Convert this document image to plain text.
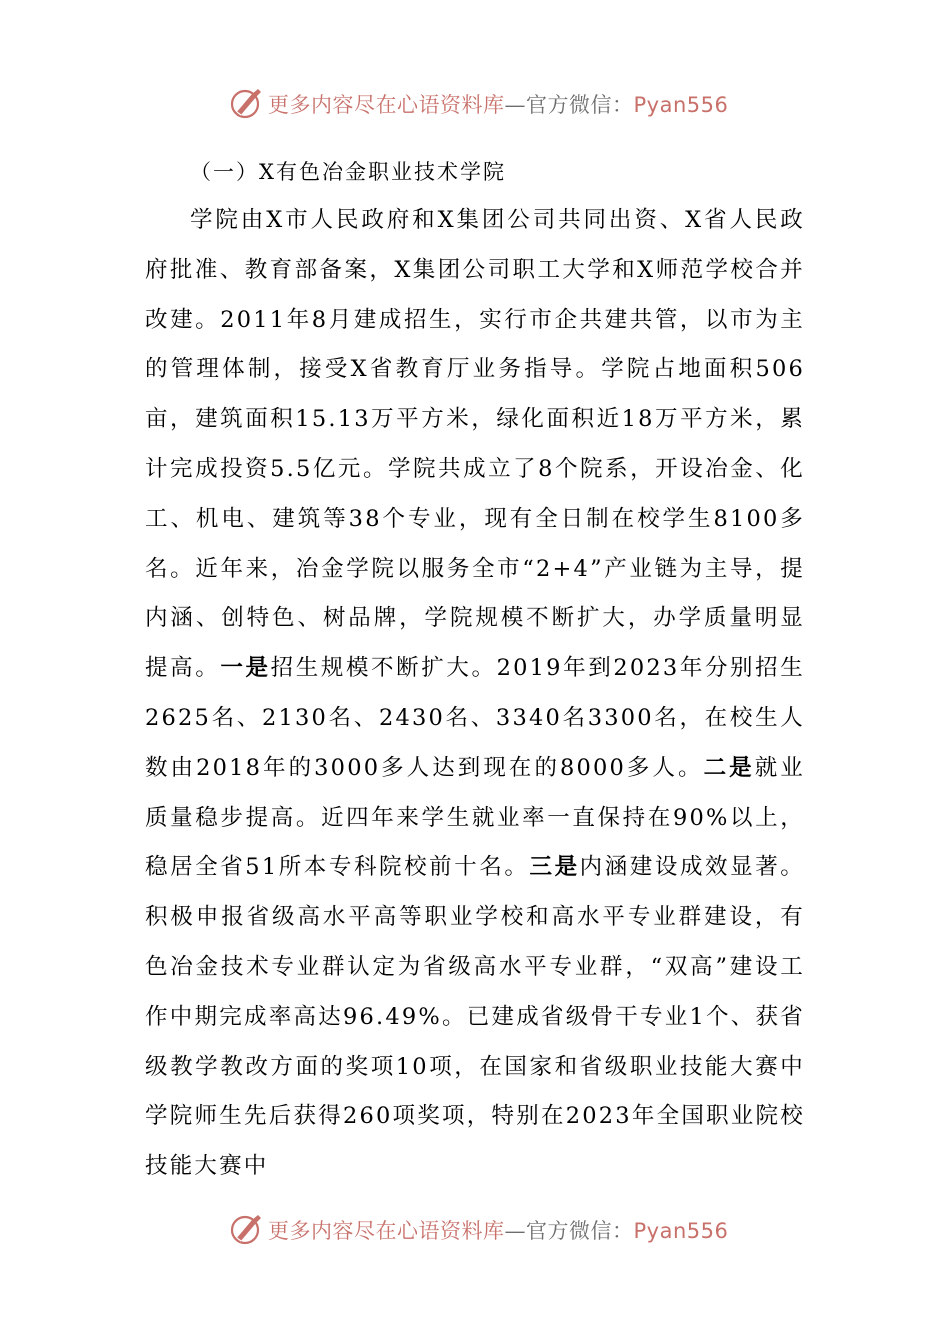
更多内容尽在心语资料库—官方微信：Pyan556
（一）X有色冶金职业技术学院

学院由X市人民政府和X集团公司共同出资、X省人民政府批准、教育部备案，X集团公司职工大学和X师范学校合并改建。2011年8月建成招生，实行市企共建共管，以市为主的管理体制，接受X省教育厅业务指导。学院占地面积506亩，建筑面积15.13万平方米，绿化面积近18万平方米，累计完成投资5.5亿元。学院共成立了8个院系，开设冶金、化工、机电、建筑等38个专业，现有全日制在校学生8100多名。近年来，冶金学院以服务全市“2+4”产业链为主导，提内涵、创特色、树品牌，学院规模不断扩大，办学质量明显提高。一是招生规模不断扩大。2019年到2023年分别招生2625名、2130名、2430名、3340名3300名，在校生人数由2018年的3000多人达到现在的8000多人。二是就业质量稳步提高。近四年来学生就业率一直保持在90%以上，稳居全省51所本专科院校前十名。三是内涵建设成效显著。积极申报省级高水平高等职业学校和高水平专业群建设，有色冶金技术专业群认定为省级高水平专业群，“双高”建设工作中期完成率高达96.49%。已建成省级骨干专业1个、获省级教学教改方面的奖项10项，在国家和省级职业技能大赛中学院师生先后获得260项奖项，特别在2023年全国职业院校技能大赛中

更多内容尽在心语资料库—官方微信：Pyan556
